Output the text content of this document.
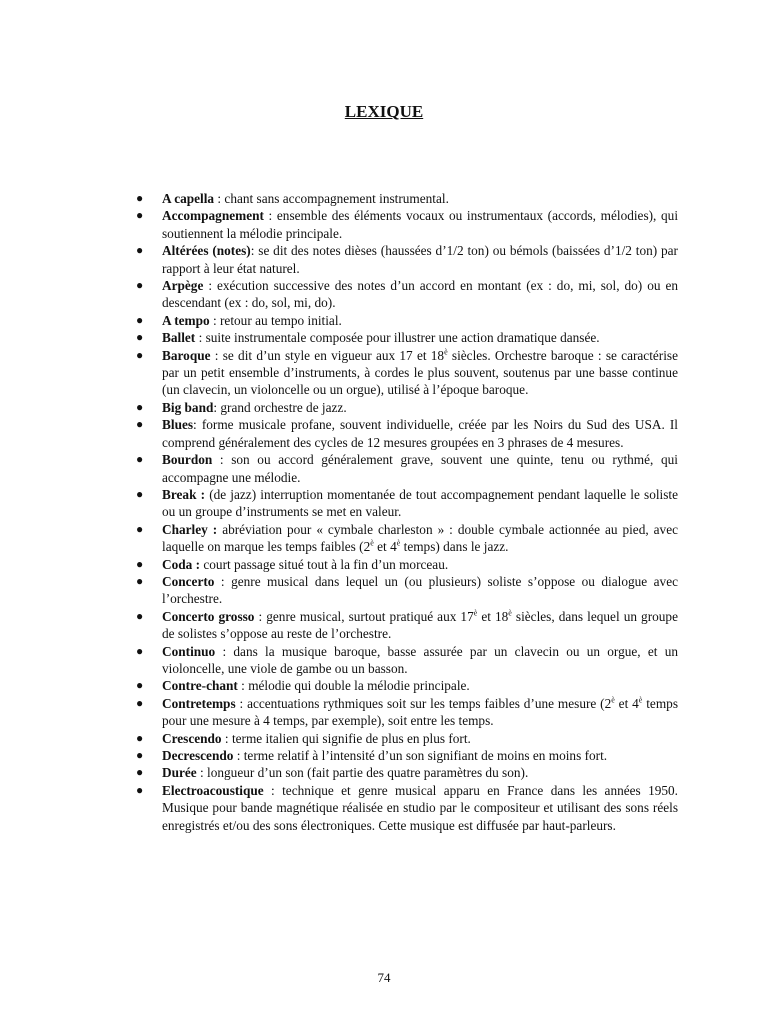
LEXIQUE
● A capella : chant sans accompagnement instrumental.
● Accompagnement : ensemble des éléments vocaux ou instrumentaux (accords, mélodies), qui soutiennent la mélodie principale.
● Altérées (notes): se dit des notes dièses (haussées d’1/2 ton) ou bémols (baissées d’1/2 ton) par rapport à leur état naturel.
● Arpège : exécution successive des notes d’un accord en montant (ex : do, mi, sol, do) ou en descendant (ex : do, sol, mi, do).
● A tempo : retour au tempo initial.
● Ballet : suite instrumentale composée pour illustrer une action dramatique dansée.
● Baroque : se dit d’un style en vigueur aux 17 et $18^è$ siècles. Orchestre baroque : se caractérise par un petit ensemble d’instruments, à cordes le plus souvent, soutenus par une basse continue (un clavecin, un violoncelle ou un orgue), utilisé à l’époque baroque.
● Big band: grand orchestre de jazz.
● Blues: forme musicale profane, souvent individuelle, créée par les Noirs du Sud des USA. Il comprend généralement des cycles de 12 mesures groupées en 3 phrases de 4 mesures.
● Bourdon : son ou accord généralement grave, souvent une quinte, tenu ou rythmé, qui accompagne une mélodie.
● Break : (de jazz) interruption momentanée de tout accompagnement pendant laquelle le soliste ou un groupe d’instruments se met en valeur.
● Charley : abréviation pour « cymbale charleston » : double cymbale actionnée au pied, avec laquelle on marque les temps faibles ($2^è$ et $4^è$ temps) dans le jazz.
● Coda : court passage situé tout à la fin d’un morceau.
● Concerto : genre musical dans lequel un (ou plusieurs) soliste s’oppose ou dialogue avec l’orchestre.
● Concerto grosso : genre musical, surtout pratiqué aux $17^è$ et $18^è$ siècles, dans lequel un groupe de solistes s’oppose au reste de l’orchestre.
● Continuo : dans la musique baroque, basse assurée par un clavecin ou un orgue, et un violoncelle, une viole de gambe ou un basson.
● Contre-chant : mélodie qui double la mélodie principale.
● Contretemps : accentuations rythmiques soit sur les temps faibles d’une mesure ($2^è$ et $4^è$ temps pour une mesure à 4 temps, par exemple), soit entre les temps.
● Crescendo : terme italien qui signifie de plus en plus fort.
● Decrescendo : terme relatif à l’intensité d’un son signifiant de moins en moins fort.
● Durée : longueur d’un son (fait partie des quatre paramètres du son).
● Electroacoustique : technique et genre musical apparu en France dans les années 1950. Musique pour bande magnétique réalisée en studio par le compositeur et utilisant des sons réels enregistrés et/ou des sons électroniques. Cette musique est diffusée par haut-parleurs.

74
